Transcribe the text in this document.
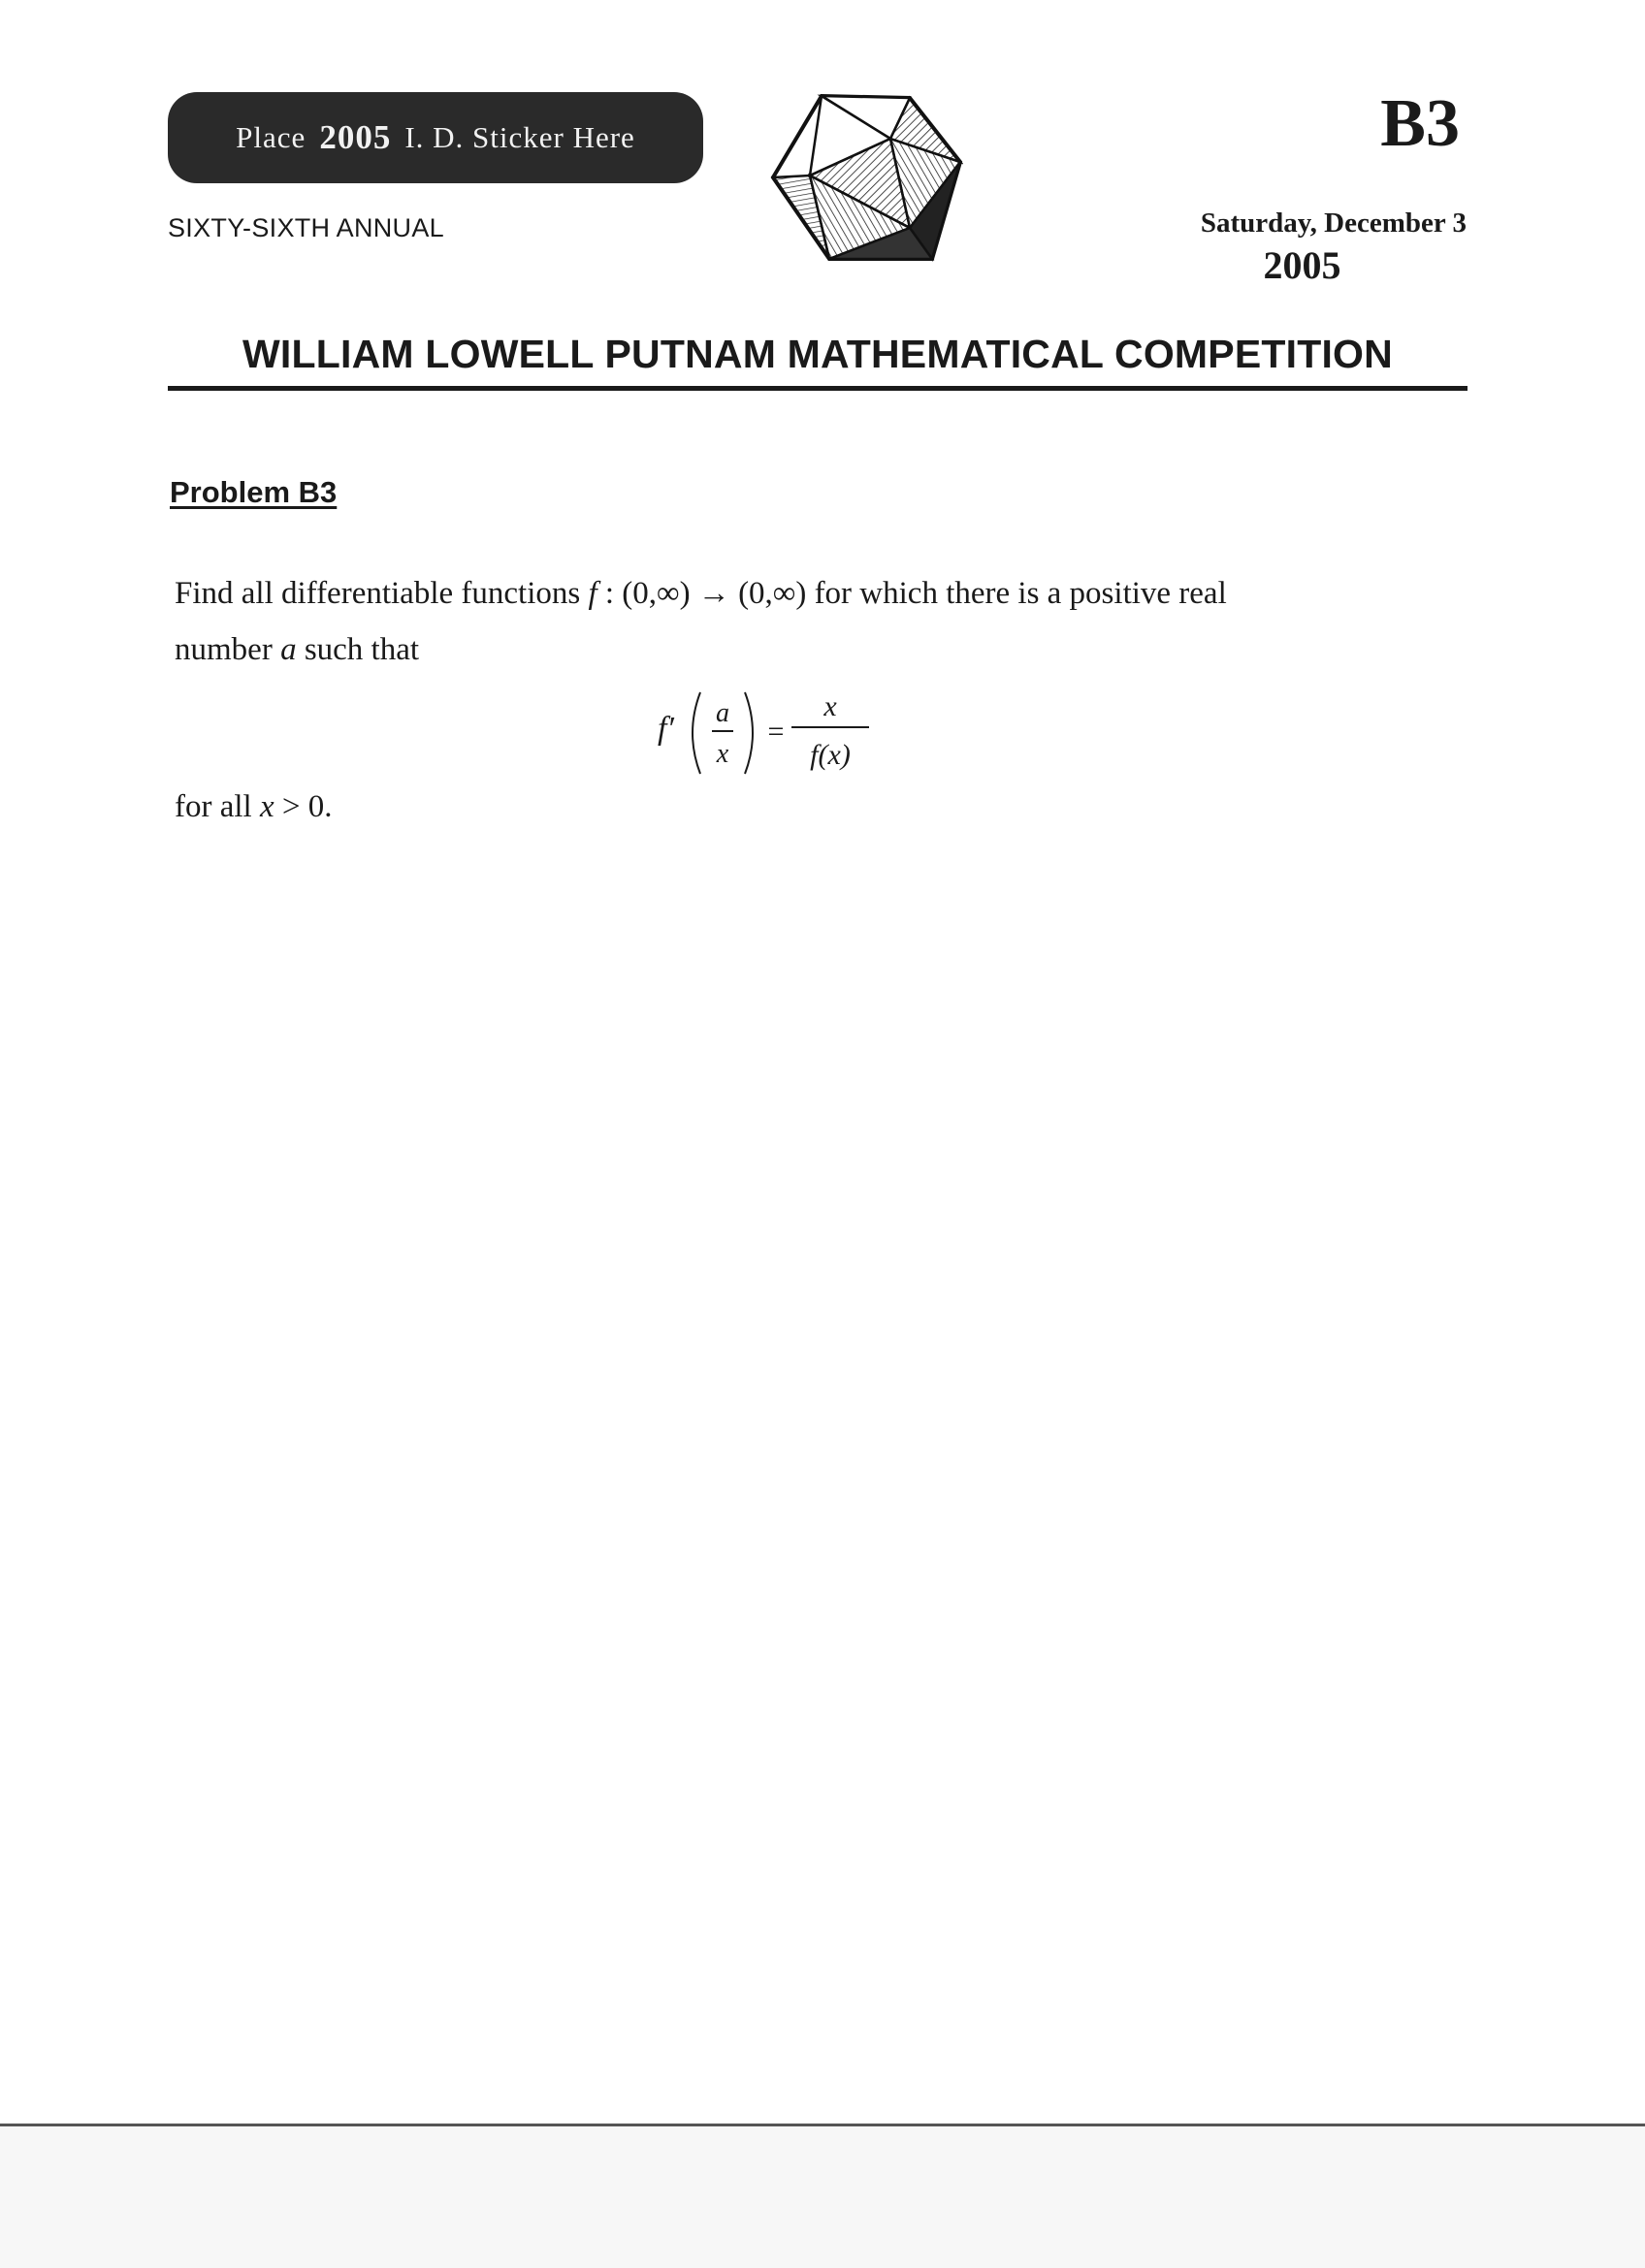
Place 2005 I. D. Sticker Here	B3
SIXTY-SIXTH ANNUAL	Saturday, December 3
2005
WILLIAM LOWELL PUTNAM MATHEMATICAL COMPETITION
Problem B3
Find all differentiable functions f : (0,∞) → (0,∞) for which there is a positive real
number a such that
f′ a
x
=
x
f(x)
for all x > 0.
